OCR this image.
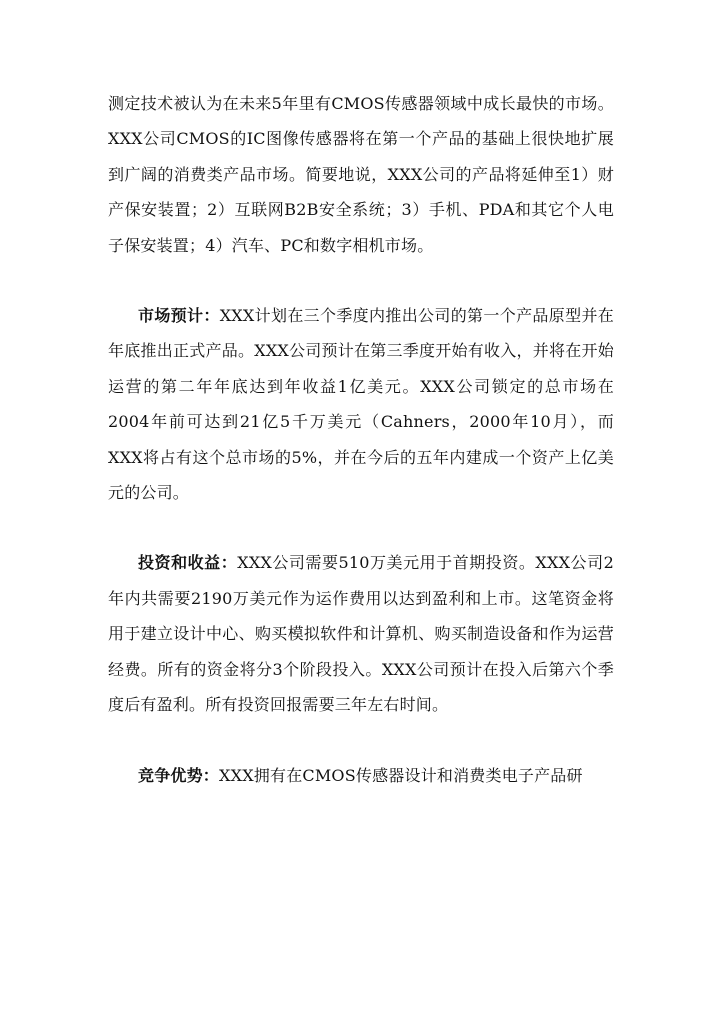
测定技术被认为在未来5年里有CMOS传感器领域中成长最快的市场。XXX公司CMOS的IC图像传感器将在第一个产品的基础上很快地扩展到广阔的消费类产品市场。简要地说，XXX公司的产品将延伸至1）财产保安装置；2）互联网B2B安全系统；3）手机、PDA和其它个人电子保安装置；4）汽车、PC和数字相机市场。

市场预计：XXX计划在三个季度内推出公司的第一个产品原型并在年底推出正式产品。XXX公司预计在第三季度开始有收入，并将在开始运营的第二年年底达到年收益1亿美元。XXX公司锁定的总市场在2004年前可达到21亿5千万美元（Cahners，2000年10月），而XXX将占有这个总市场的5%，并在今后的五年内建成一个资产上亿美元的公司。

投资和收益：XXX公司需要510万美元用于首期投资。XXX公司2年内共需要2190万美元作为运作费用以达到盈利和上市。这笔资金将用于建立设计中心、购买模拟软件和计算机、购买制造设备和作为运营经费。所有的资金将分3个阶段投入。XXX公司预计在投入后第六个季度后有盈利。所有投资回报需要三年左右时间。

竞争优势：XXX拥有在CMOS传感器设计和消费类电子产品研
